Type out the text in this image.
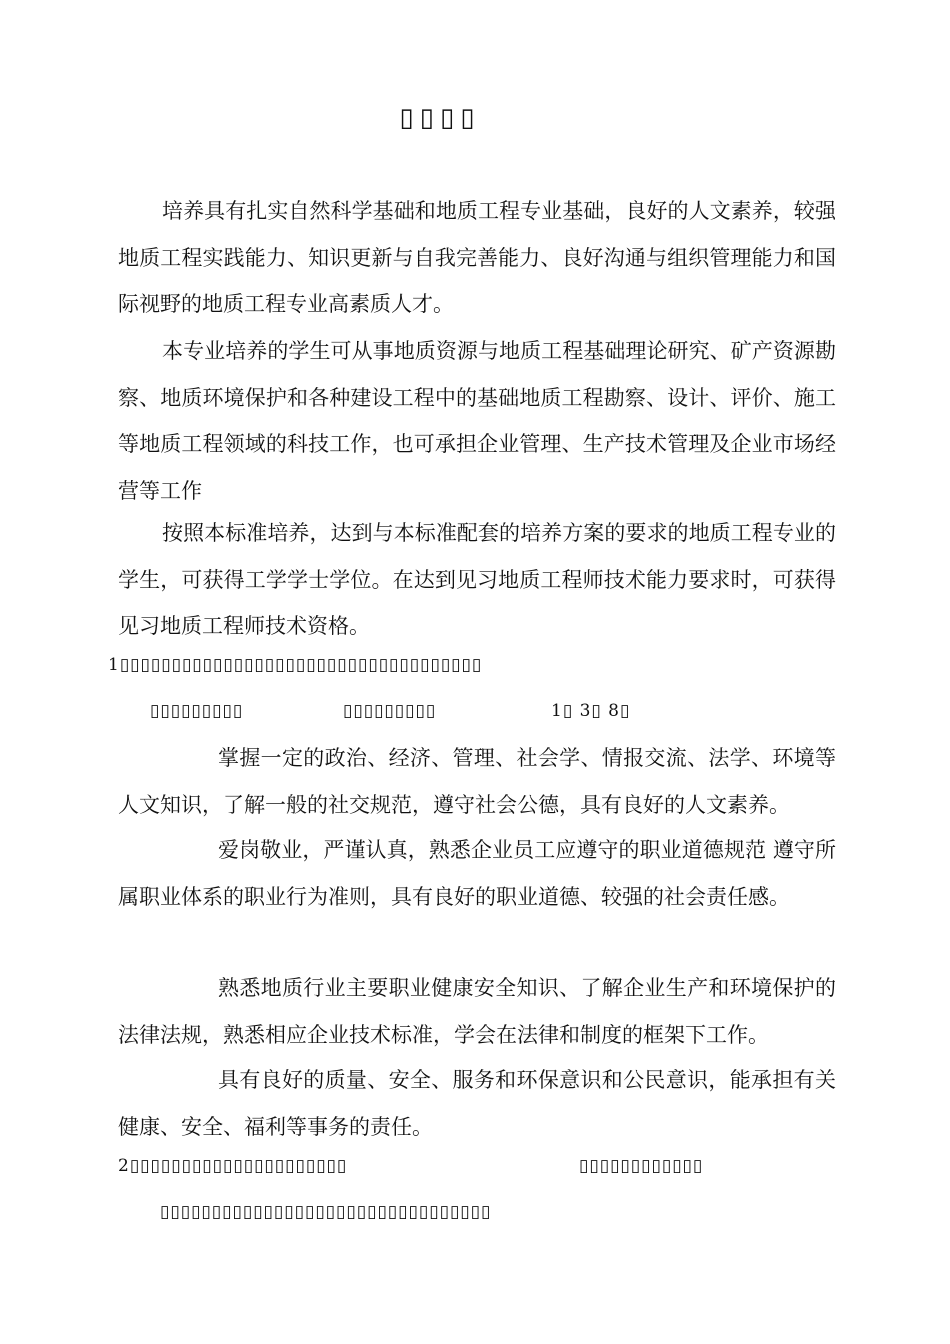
▯▯▯▯

培养具有扎实自然科学基础和地质工程专业基础，良好的人文素养，较强地质工程实践能力、知识更新与自我完善能力、良好沟通与组织管理能力和国际视野的地质工程专业高素质人才。

本专业培养的学生可从事地质资源与地质工程基础理论研究、矿产资源勘察、地质环境保护和各种建设工程中的基础地质工程勘察、设计、评价、施工等地质工程领域的科技工作，也可承担企业管理、生产技术管理及企业市场经营等工作

按照本标准培养，达到与本标准配套的培养方案的要求的地质工程专业的学生，可获得工学学士学位。在达到见习地质工程师技术能力要求时，可获得见习地质工程师技术资格。

1▯▯▯▯▯▯▯▯▯▯▯▯▯▯▯▯▯▯▯▯▯▯▯▯▯▯▯▯▯▯▯▯▯▯▯
▯▯▯▯▯▯▯▯▯	▯▯▯▯▯▯▯▯▯	1▯ 3▯ 8▯

掌握一定的政治、经济、管理、社会学、情报交流、法学、环境等人文知识，了解一般的社交规范，遵守社会公德，具有良好的人文素养。

爱岗敬业，严谨认真，熟悉企业员工应遵守的职业道德规范 遵守所属职业体系的职业行为准则，具有良好的职业道德、较强的社会责任感。

熟悉地质行业主要职业健康安全知识、了解企业生产和环境保护的法律法规，熟悉相应企业技术标准，学会在法律和制度的框架下工作。

具有良好的质量、安全、服务和环保意识和公民意识，能承担有关健康、安全、福利等事务的责任。

2▯▯▯▯▯▯▯▯▯▯▯▯▯▯▯▯▯▯▯▯▯	▯▯▯▯▯▯▯▯▯▯▯▯
▯▯▯▯▯▯▯▯▯▯▯▯▯▯▯▯▯▯▯▯▯▯▯▯▯▯▯▯▯▯▯▯
